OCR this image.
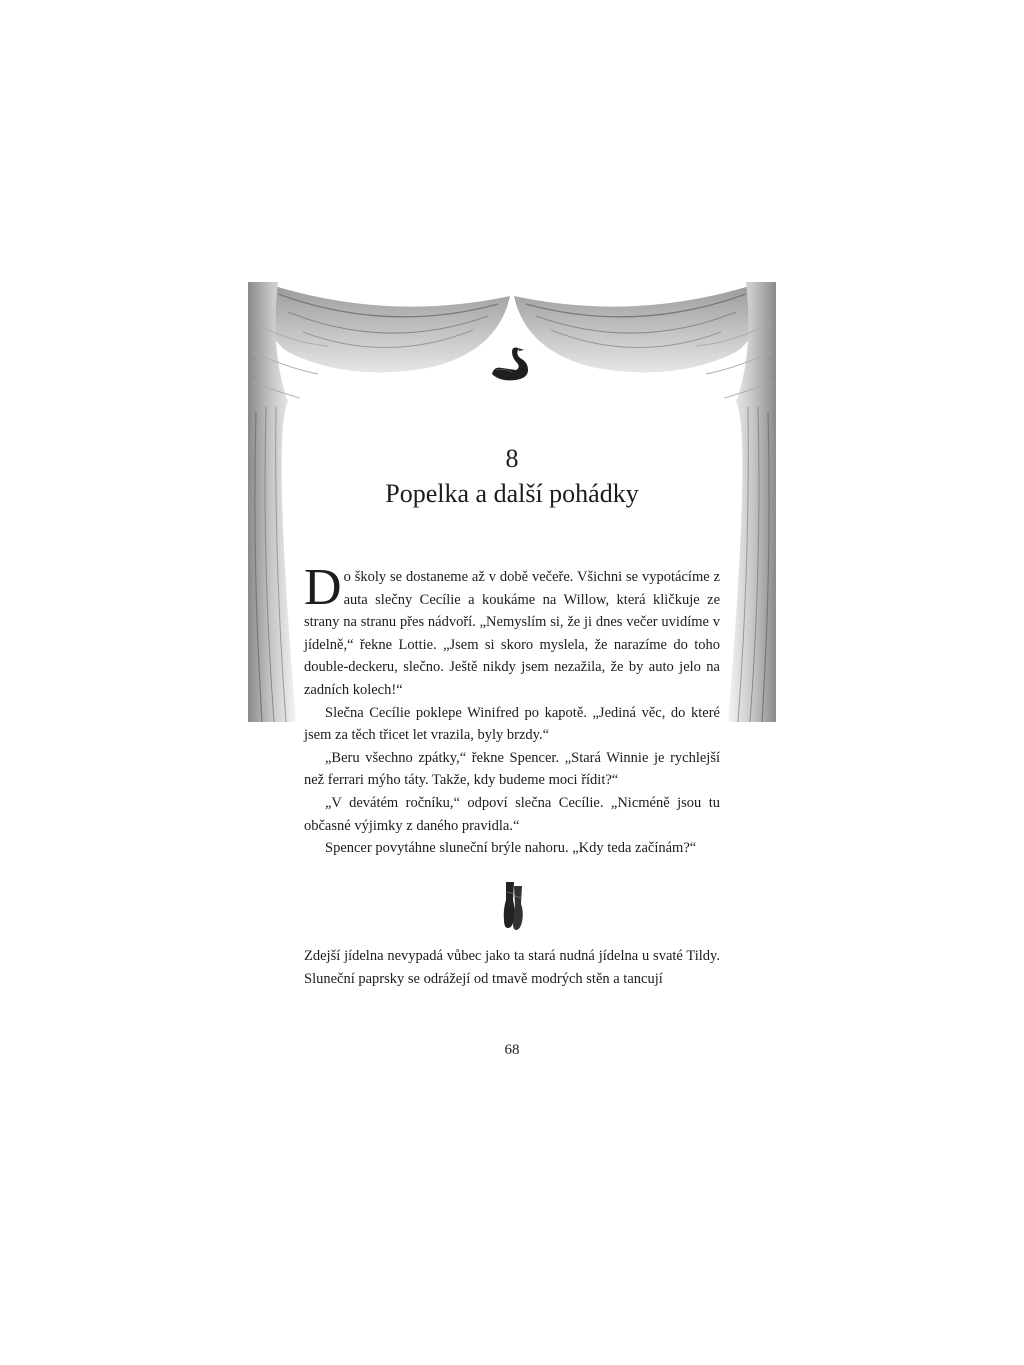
8
Popelka a další pohádky

Do školy se dostaneme až v době večeře. Všichni se vypotácíme z auta slečny Cecílie a koukáme na Willow, která kličkuje ze strany na stranu přes nádvoří. „Nemyslím si, že ji dnes večer uvidíme v jídelně,“ řekne Lottie. „Jsem si skoro myslela, že narazíme do toho double-deckeru, slečno. Ještě nikdy jsem nezažila, že by auto jelo na zadních kolech!“

Slečna Cecílie poklepe Winifred po kapotě. „Jediná věc, do které jsem za těch třicet let vrazila, byly brzdy.“

„Beru všechno zpátky,“ řekne Spencer. „Stará Winnie je rychlejší než ferrari mýho táty. Takže, kdy budeme moci řídit?“

„V devátém ročníku,“ odpoví slečna Cecílie. „Nicméně jsou tu občasné výjimky z daného pravidla.“

Spencer povytáhne sluneční brýle nahoru. „Kdy teda začínám?“

Zdejší jídelna nevypadá vůbec jako ta stará nudná jídelna u svaté Tildy. Sluneční paprsky se odrážejí od tmavě modrých stěn a tancují

68
